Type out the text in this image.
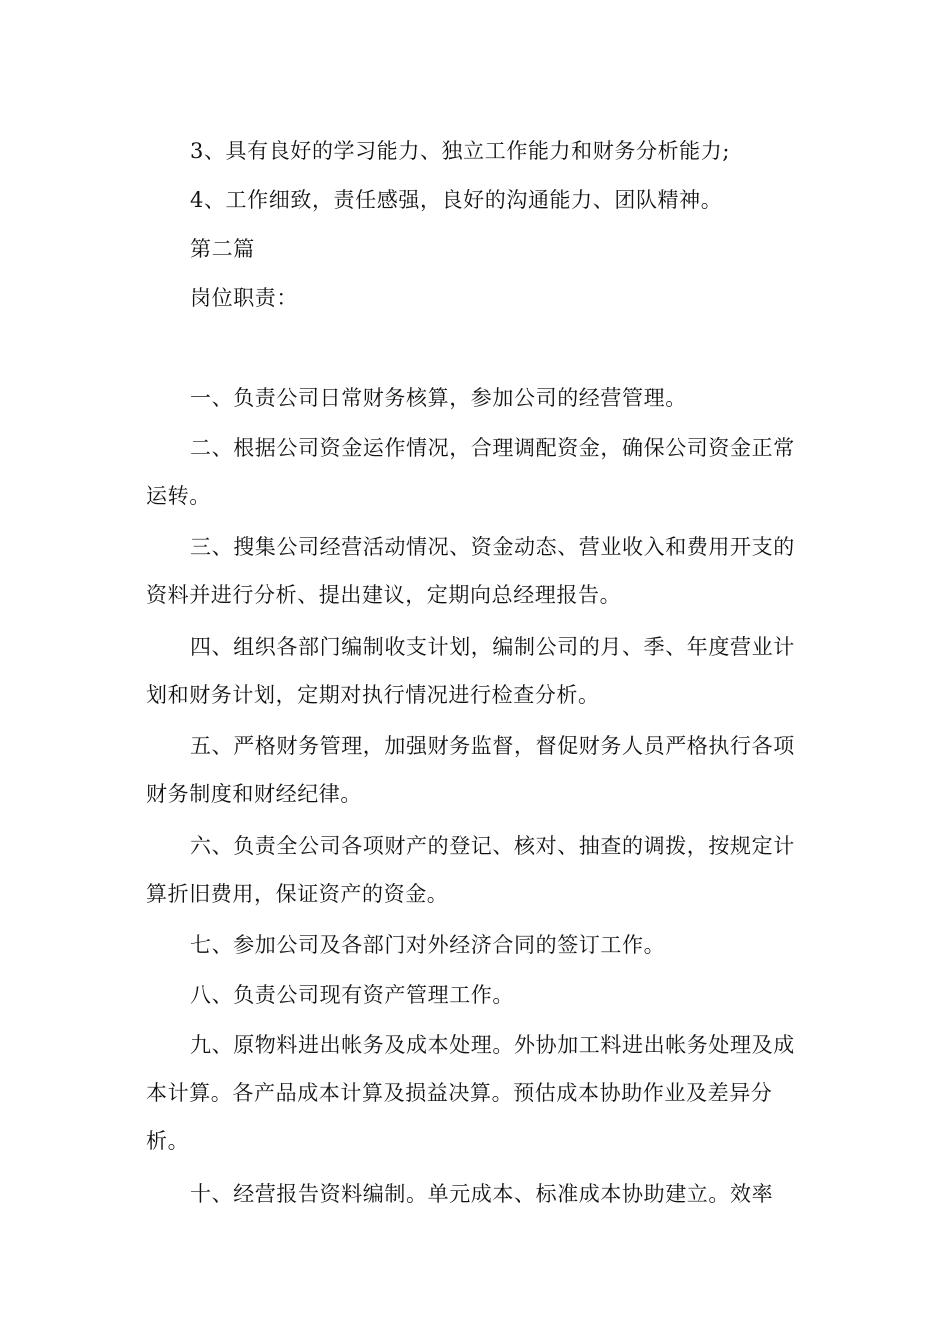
3、具有良好的学习能力、独立工作能力和财务分析能力;

4、工作细致，责任感强，良好的沟通能力、团队精神。

第二篇

岗位职责：

一、负责公司日常财务核算，参加公司的经营管理。

二、根据公司资金运作情况，合理调配资金，确保公司资金正常运转。

三、搜集公司经营活动情况、资金动态、营业收入和费用开支的资料并进行分析、提出建议，定期向总经理报告。

四、组织各部门编制收支计划，编制公司的月、季、年度营业计划和财务计划，定期对执行情况进行检查分析。

五、严格财务管理，加强财务监督，督促财务人员严格执行各项财务制度和财经纪律。

六、负责全公司各项财产的登记、核对、抽查的调拨，按规定计算折旧费用，保证资产的资金。

七、参加公司及各部门对外经济合同的签订工作。

八、负责公司现有资产管理工作。

九、原物料进出帐务及成本处理。外协加工料进出帐务处理及成本计算。各产品成本计算及损益决算。预估成本协助作业及差异分析。

十、经营报告资料编制。单元成本、标准成本协助建立。效率
